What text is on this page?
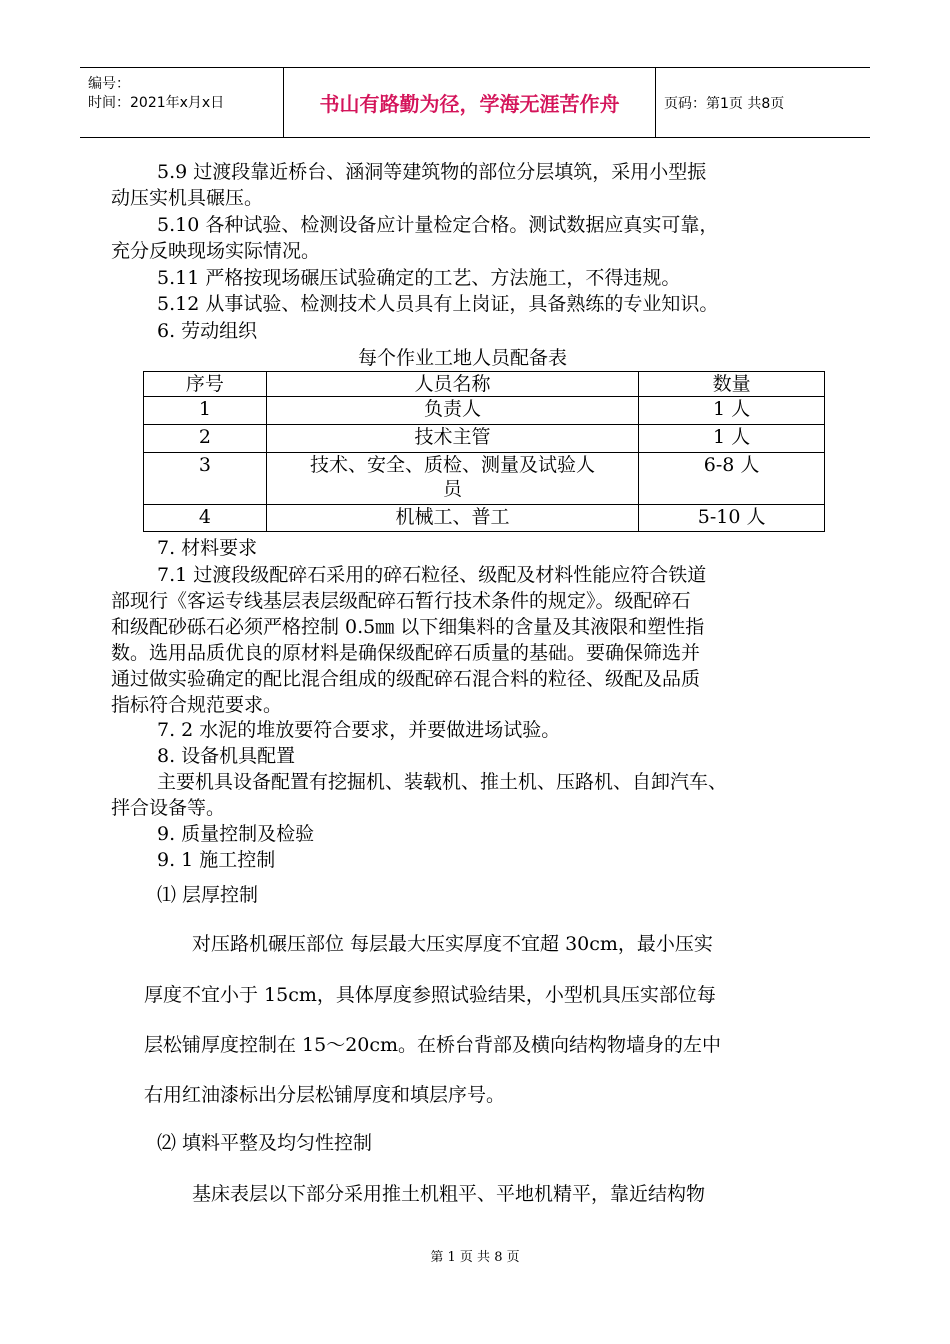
编号：
时间：2021年x月x日	书山有路勤为径，学海无涯苦作舟	页码：第1页 共8页
5.9 过渡段靠近桥台、涵洞等建筑物的部位分层填筑，采用小型振
动压实机具碾压。
5.10 各种试验、检测设备应计量检定合格。测试数据应真实可靠，
充分反映现场实际情况。
5.11 严格按现场碾压试验确定的工艺、方法施工，不得违规。
5.12 从事试验、检测技术人员具有上岗证，具备熟练的专业知识。
6. 劳动组织
每个作业工地人员配备表
序号	人员名称	数量
1	负责人	1 人
2	技术主管	1 人
3	技术、安全、质检、测量及试验人
员	6-8 人
4	机械工、普工	5-10 人
7. 材料要求
7.1 过渡段级配碎石采用的碎石粒径、级配及材料性能应符合铁道
部现行《客运专线基层表层级配碎石暂行技术条件的规定》。级配碎石
和级配砂砾石必须严格控制 0.5㎜ 以下细集料的含量及其液限和塑性指
数。选用品质优良的原材料是确保级配碎石质量的基础。要确保筛选并
通过做实验确定的配比混合组成的级配碎石混合料的粒径、级配及品质
指标符合规范要求。
7. 2 水泥的堆放要符合要求，并要做进场试验。
8. 设备机具配置
主要机具设备配置有挖掘机、装载机、推土机、压路机、自卸汽车、
拌合设备等。
9. 质量控制及检验
9. 1 施工控制
⑴ 层厚控制
对压路机碾压部位 每层最大压实厚度不宜超 30cm，最小压实
厚度不宜小于 15cm，具体厚度参照试验结果，小型机具压实部位每
层松铺厚度控制在 15～20cm。在桥台背部及横向结构物墙身的左中
右用红油漆标出分层松铺厚度和填层序号。
⑵ 填料平整及均匀性控制
基床表层以下部分采用推土机粗平、平地机精平，靠近结构物
第 1 页 共 8 页
